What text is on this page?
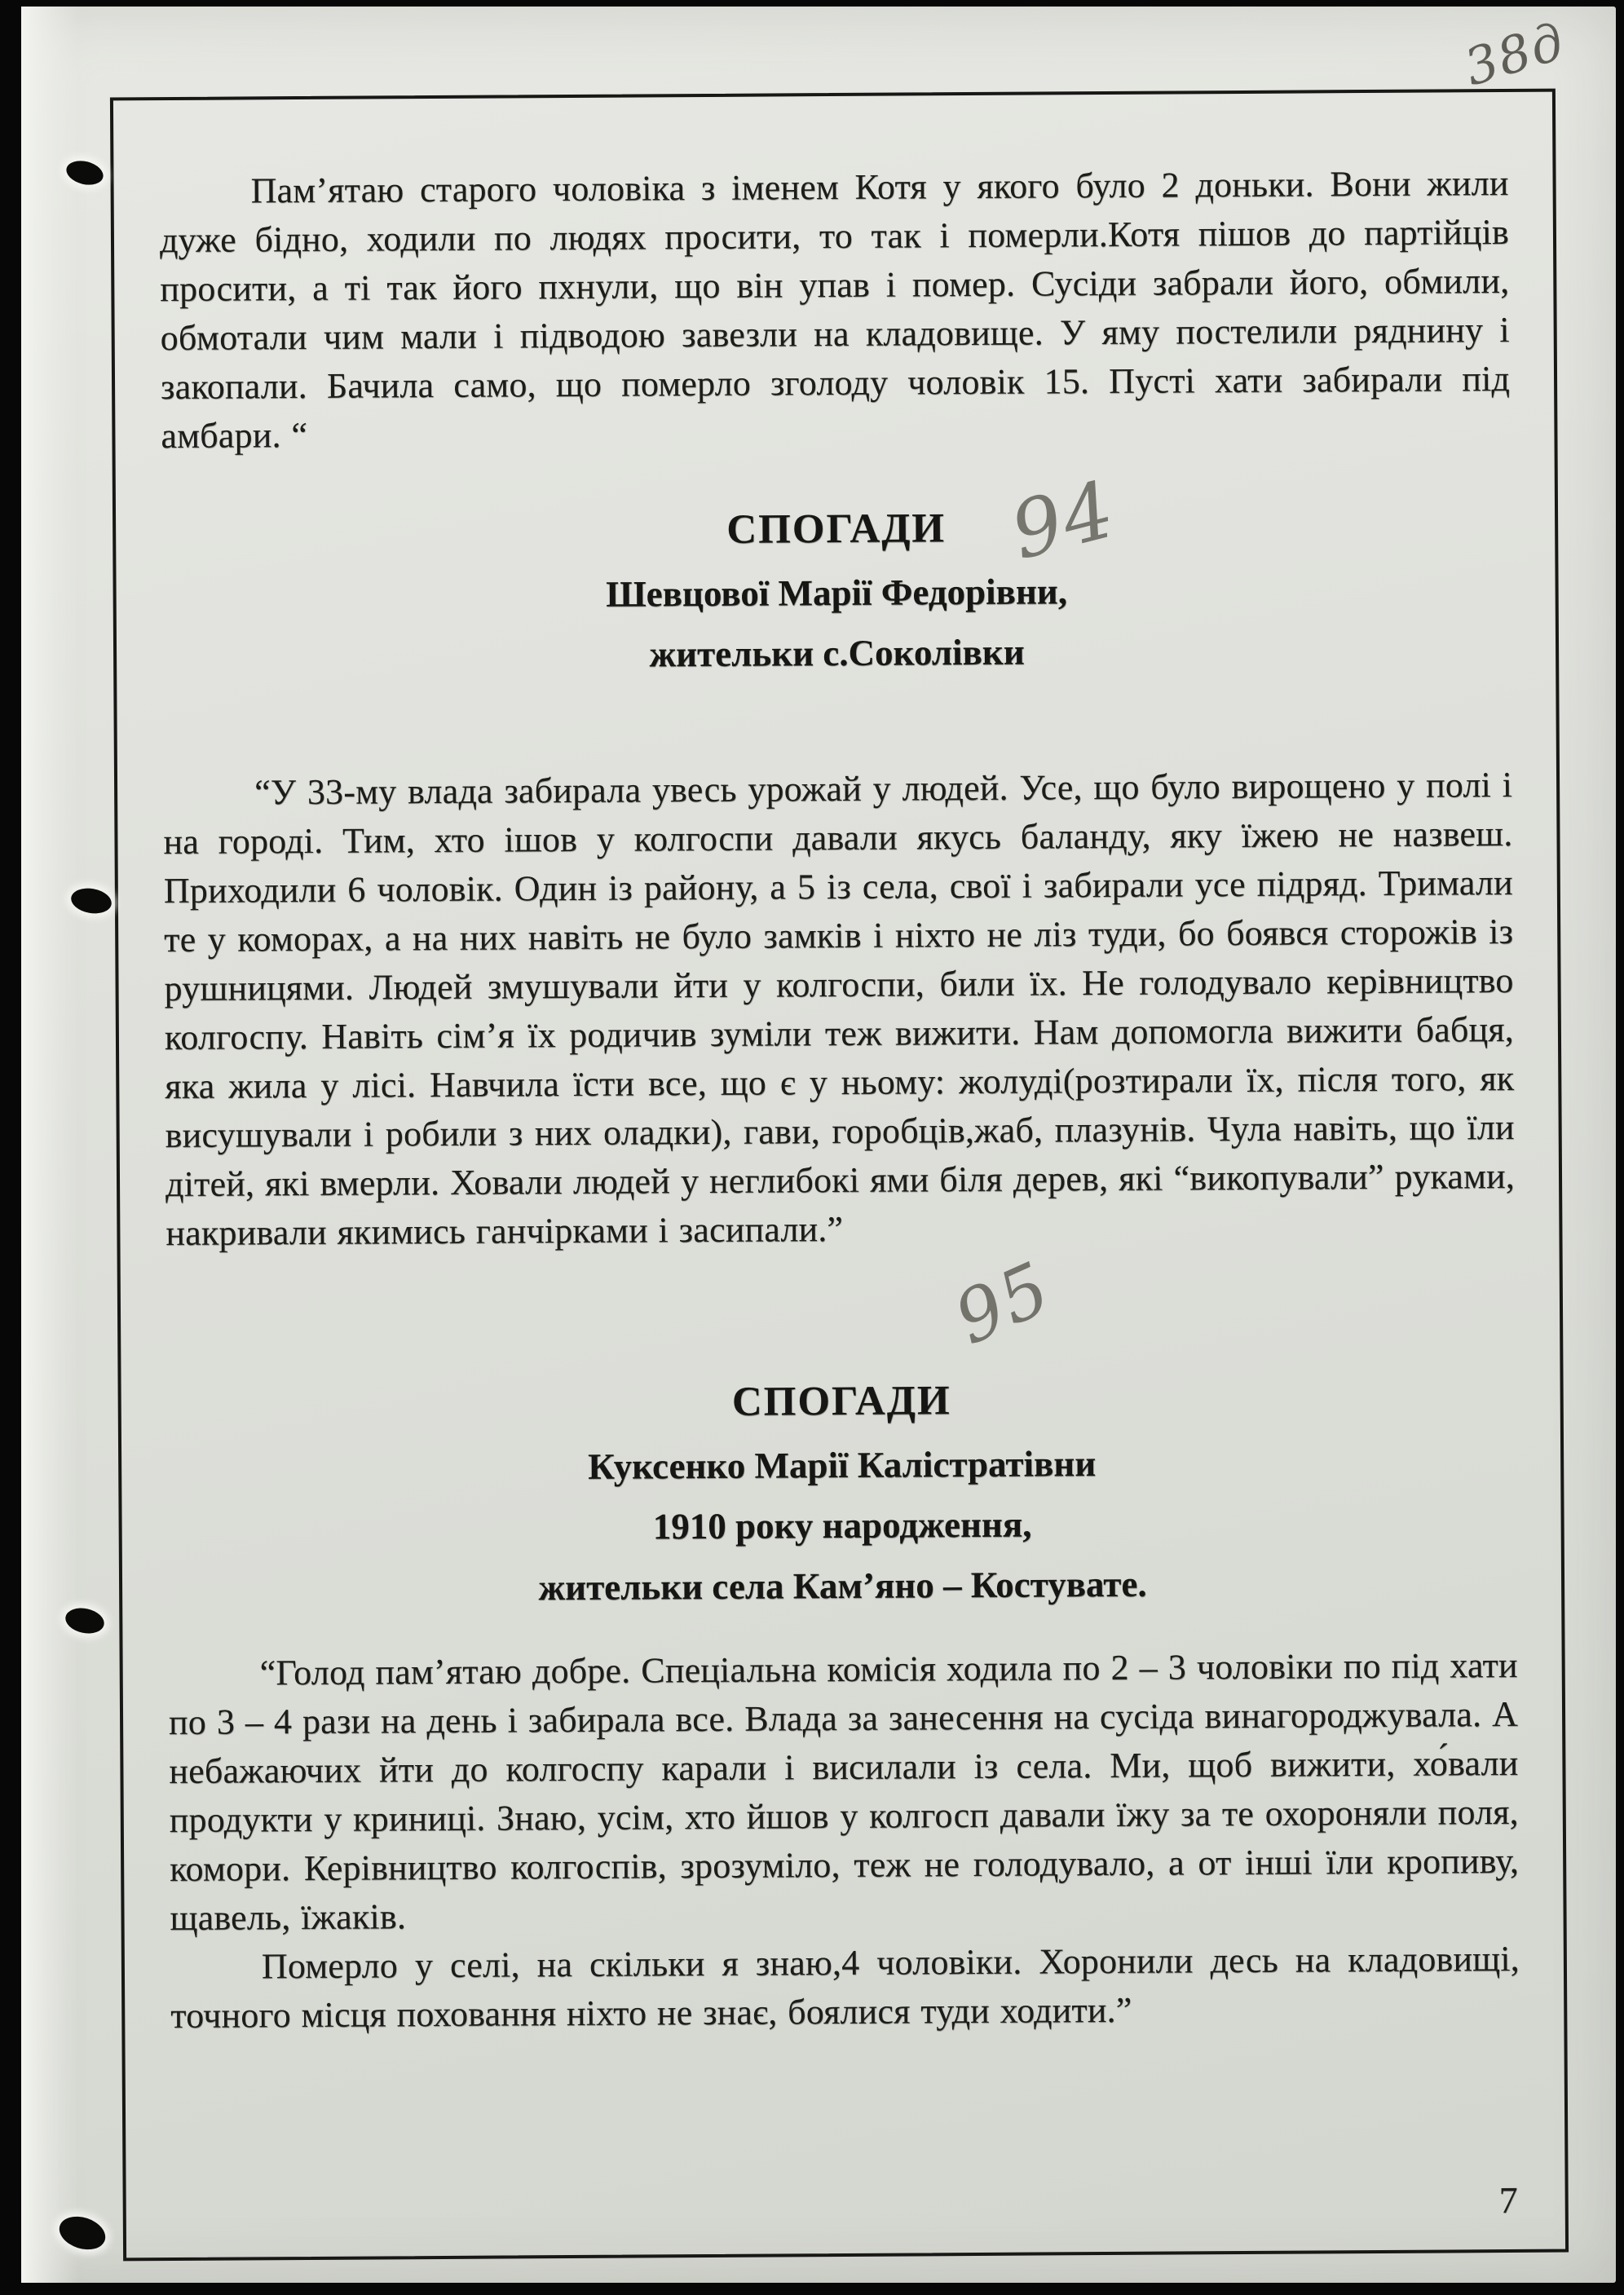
38д

Пам’ятаю старого чоловіка з іменем Котя у якого було 2 доньки. Вони жили дуже бідно, ходили по людях просити, то так і померли.Котя пішов до партійців просити, а ті так його пхнули, що він упав і помер. Сусіди забрали його, обмили, обмотали чим мали і підводою завезли на кладовище. У яму постелили ряднину і закопали. Бачила само, що померло зголоду чоловік 15. Пусті хати забирали під амбари. “

СПОГАДИ
Шевцової Марії Федорівни,
жительки с.Соколівки
94

“У 33-му влада забирала увесь урожай у людей. Усе, що було вирощено у полі і на городі. Тим, хто ішов у колгоспи давали якусь баланду, яку їжею не назвеш. Приходили 6 чоловік. Один із району, а 5 із села, свої і забирали усе підряд. Тримали те у коморах, а на них навіть не було замків і ніхто не ліз туди, бо боявся сторожів із рушницями. Людей змушували йти у колгоспи, били їх. Не голодувало керівництво колгоспу. Навіть сім’я їх родичив зуміли теж вижити. Нам допомогла вижити бабця, яка жила у лісі. Навчила їсти все, що є у ньому: жолуді(розтирали їх, після того, як висушували і робили з них оладки), гави, горобців,жаб, плазунів. Чула навіть, що їли дітей, які вмерли. Ховали людей у неглибокі ями біля дерев, які “викопували” руками, накривали якимись ганчірками і засипали.”

СПОГАДИ
Куксенко Марії Калістратівни
1910 року народження,
жительки села Кам’яно – Костувате.
95

“Голод пам’ятаю добре. Спеціальна комісія ходила по 2 – 3 чоловіки по під хати по 3 – 4 рази на день і забирала все. Влада за занесення на сусіда винагороджувала. А небажаючих йти до колгоспу карали і висилали із села. Ми, щоб вижити, хо́вали продукти у криниці. Знаю, усім, хто йшов у колгосп давали їжу за те охороняли поля, комори. Керівництво колгоспів, зрозуміло, теж не голодувало, а от інші їли кропиву, щавель, їжаків.

Померло у селі, на скільки я знаю,4 чоловіки. Хоронили десь на кладовищі, точного місця поховання ніхто не знає, боялися туди ходити.”

7
